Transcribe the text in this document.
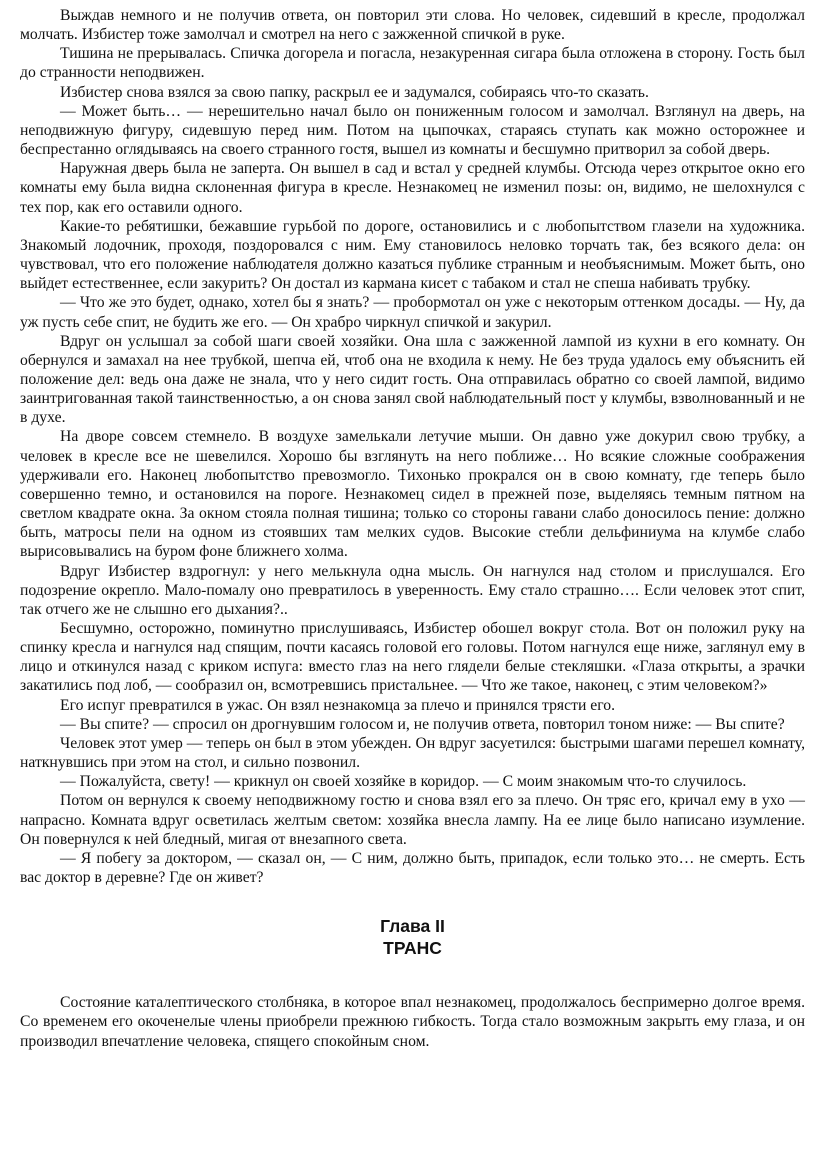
Выждав немного и не получив ответа, он повторил эти слова. Но человек, сидевший в кресле, продолжал молчать. Избистер тоже замолчал и смотрел на него с зажженной спичкой в руке.

Тишина не прерывалась. Спичка догорела и погасла, незакуренная сигара была отложена в сторону. Гость был до странности неподвижен.

Избистер снова взялся за свою папку, раскрыл ее и задумался, собираясь что-то сказать.

— Может быть… — нерешительно начал было он пониженным голосом и замолчал. Взглянул на дверь, на неподвижную фигуру, сидевшую перед ним. Потом на цыпочках, стараясь ступать как можно осторожнее и беспрестанно оглядываясь на своего странного гостя, вышел из комнаты и бесшумно притворил за собой дверь.

Наружная дверь была не заперта. Он вышел в сад и встал у средней клумбы. Отсюда через открытое окно его комнаты ему была видна склоненная фигура в кресле. Незнакомец не изменил позы: он, видимо, не шелохнулся с тех пор, как его оставили одного.

Какие-то ребятишки, бежавшие гурьбой по дороге, остановились и с любопытством глазели на художника. Знакомый лодочник, проходя, поздоровался с ним. Ему становилось неловко торчать так, без всякого дела: он чувствовал, что его положение наблюдателя должно казаться публике странным и необъяснимым. Может быть, оно выйдет естественнее, если закурить? Он достал из кармана кисет с табаком и стал не спеша набивать трубку.

— Что же это будет, однако, хотел бы я знать? — пробормотал он уже с некоторым оттенком досады. — Ну, да уж пусть себе спит, не будить же его. — Он храбро чиркнул спичкой и закурил.

Вдруг он услышал за собой шаги своей хозяйки. Она шла с зажженной лампой из кухни в его комнату. Он обернулся и замахал на нее трубкой, шепча ей, чтоб она не входила к нему. Не без труда удалось ему объяснить ей положение дел: ведь она даже не знала, что у него сидит гость. Она отправилась обратно со своей лампой, видимо заинтригованная такой таинственностью, а он снова занял свой наблюдательный пост у клумбы, взволнованный и не в духе.

На дворе совсем стемнело. В воздухе замелькали летучие мыши. Он давно уже докурил свою трубку, а человек в кресле все не шевелился. Хорошо бы взглянуть на него поближе… Но всякие сложные соображения удерживали его. Наконец любопытство превозмогло. Тихонько прокрался он в свою комнату, где теперь было совершенно темно, и остановился на пороге. Незнакомец сидел в прежней позе, выделяясь темным пятном на светлом квадрате окна. За окном стояла полная тишина; только со стороны гавани слабо доносилось пение: должно быть, матросы пели на одном из стоявших там мелких судов. Высокие стебли дельфиниума на клумбе слабо вырисовывались на буром фоне ближнего холма.

Вдруг Избистер вздрогнул: у него мелькнула одна мысль. Он нагнулся над столом и прислушался. Его подозрение окрепло. Мало-помалу оно превратилось в уверенность. Ему стало страшно…. Если человек этот спит, так отчего же не слышно его дыхания?..

Бесшумно, осторожно, поминутно прислушиваясь, Избистер обошел вокруг стола. Вот он положил руку на спинку кресла и нагнулся над спящим, почти касаясь головой его головы. Потом нагнулся еще ниже, заглянул ему в лицо и откинулся назад с криком испуга: вместо глаз на него глядели белые стекляшки. «Глаза открыты, а зрачки закатились под лоб, — сообразил он, всмотревшись пристальнее. — Что же такое, наконец, с этим человеком?»

Его испуг превратился в ужас. Он взял незнакомца за плечо и принялся трясти его.

— Вы спите? — спросил он дрогнувшим голосом и, не получив ответа, повторил тоном ниже: — Вы спите?

Человек этот умер — теперь он был в этом убежден. Он вдруг засуетился: быстрыми шагами перешел комнату, наткнувшись при этом на стол, и сильно позвонил.

— Пожалуйста, свету! — крикнул он своей хозяйке в коридор. — С моим знакомым что-то случилось.

Потом он вернулся к своему неподвижному гостю и снова взял его за плечо. Он тряс его, кричал ему в ухо — напрасно. Комната вдруг осветилась желтым светом: хозяйка внесла лампу. На ее лице было написано изумление. Он повернулся к ней бледный, мигая от внезапного света.

— Я побегу за доктором, — сказал он, — С ним, должно быть, припадок, если только это… не смерть. Есть вас доктор в деревне? Где он живет?

Глава II
ТРАНС

Состояние каталептического столбняка, в которое впал незнакомец, продолжалось беспримерно долгое время. Со временем его окоченелые члены приобрели прежнюю гибкость. Тогда стало возможным закрыть ему глаза, и он производил впечатление человека, спящего спокойным сном.
